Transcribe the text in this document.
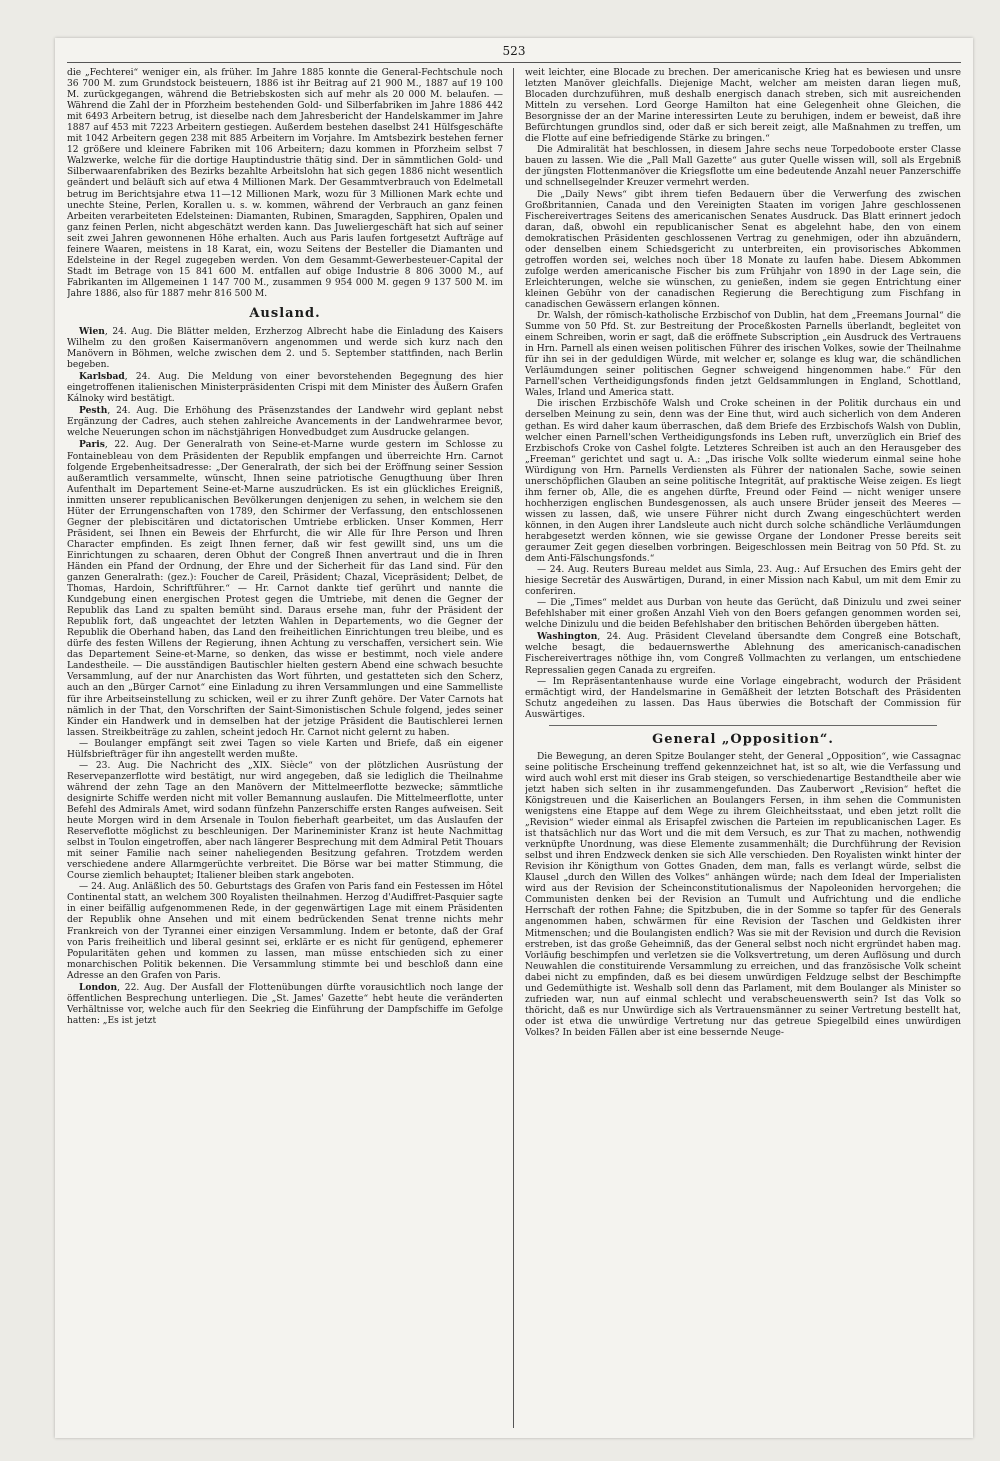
523

die „Fechterei“ weniger ein, als früher. Im Jahre 1885 konnte die General-Fechtschule noch 36 700 M. zum Grundstock beisteuern, 1886 ist ihr Beitrag auf 21 900 M., 1887 auf 19 100 M. zurückgegangen, während die Betriebskosten sich auf mehr als 20 000 M. belaufen. — Während die Zahl der in Pforzheim bestehenden Gold- und Silberfabriken im Jahre 1886 442 mit 6493 Arbeitern betrug, ist dieselbe nach dem Jahresbericht der Handelskammer im Jahre 1887 auf 453 mit 7223 Arbeitern gestiegen. Außerdem bestehen daselbst 241 Hülfsgeschäfte mit 1042 Arbeitern gegen 238 mit 885 Arbeitern im Vorjahre. Im Amtsbezirk bestehen ferner 12 größere und kleinere Fabriken mit 106 Arbeitern; dazu kommen in Pforzheim selbst 7 Walzwerke, welche für die dortige Hauptindustrie thätig sind. Der in sämmtlichen Gold- und Silberwaarenfabriken des Bezirks bezahlte Arbeitslohn hat sich gegen 1886 nicht wesentlich geändert und beläuft sich auf etwa 4 Millionen Mark. Der Gesammtverbrauch von Edelmetall betrug im Berichtsjahre etwa 11—12 Millionen Mark, wozu für 3 Millionen Mark echte und unechte Steine, Perlen, Korallen u. s. w. kommen, während der Verbrauch an ganz feinen Arbeiten verarbeiteten Edelsteinen: Diamanten, Rubinen, Smaragden, Sapphiren, Opalen und ganz feinen Perlen, nicht abgeschätzt werden kann. Das Juweliergeschäft hat sich auf seiner seit zwei Jahren gewonnenen Höhe erhalten. Auch aus Paris laufen fortgesetzt Aufträge auf feinere Waaren, meistens in 18 Karat, ein, wozu Seitens der Besteller die Diamanten und Edelsteine in der Regel zugegeben werden. Von dem Gesammt-Gewerbesteuer-Capital der Stadt im Betrage von 15 841 600 M. entfallen auf obige Industrie 8 806 3000 M., auf Fabrikanten im Allgemeinen 1 147 700 M., zusammen 9 954 000 M. gegen 9 137 500 M. im Jahre 1886, also für 1887 mehr 816 500 M.

Ausland.

Wien, 24. Aug. Die Blätter melden, Erzherzog Albrecht habe die Einladung des Kaisers Wilhelm zu den großen Kaisermanövern angenommen und werde sich kurz nach den Manövern in Böhmen, welche zwischen dem 2. und 5. September stattfinden, nach Berlin begeben.

Karlsbad, 24. Aug. Die Meldung von einer bevorstehenden Begegnung des hier eingetroffenen italienischen Ministerpräsidenten Crispi mit dem Minister des Äußern Grafen Kálnoky wird bestätigt.

Pesth, 24. Aug. Die Erhöhung des Präsenzstandes der Landwehr wird geplant nebst Ergänzung der Cadres, auch stehen zahlreiche Avancements in der Landwehrarmee bevor, welche Neuerungen schon im nächstjährigen Honvedbudget zum Ausdrucke gelangen.

Paris, 22. Aug. Der Generalrath von Seine-et-Marne wurde gestern im Schlosse zu Fontainebleau von dem Präsidenten der Republik empfangen und überreichte Hrn. Carnot folgende Ergebenheitsadresse: „Der Generalrath, der sich bei der Eröffnung seiner Session außeramtlich versammelte, wünscht, Ihnen seine patriotische Genugthuung über Ihren Aufenthalt im Departement Seine-et-Marne auszudrücken. Es ist ein glückliches Ereigniß, inmitten unserer republicanischen Bevölkerungen denjenigen zu sehen, in welchem sie den Hüter der Errungenschaften von 1789, den Schirmer der Verfassung, den entschlossenen Gegner der plebiscitären und dictatorischen Umtriebe erblicken. Unser Kommen, Herr Präsident, sei Ihnen ein Beweis der Ehrfurcht, die wir Alle für Ihre Person und Ihren Character empfinden. Es zeigt Ihnen ferner, daß wir fest gewillt sind, uns um die Einrichtungen zu schaaren, deren Obhut der Congreß Ihnen anvertraut und die in Ihren Händen ein Pfand der Ordnung, der Ehre und der Sicherheit für das Land sind. Für den ganzen Generalrath: (gez.): Foucher de Careil, Präsident; Chazal, Vicepräsident; Delbet, de Thomas, Hardoin, Schriftführer.“ — Hr. Carnot dankte tief gerührt und nannte die Kundgebung einen energischen Protest gegen die Umtriebe, mit denen die Gegner der Republik das Land zu spalten bemüht sind. Daraus ersehe man, fuhr der Präsident der Republik fort, daß ungeachtet der letzten Wahlen in Departements, wo die Gegner der Republik die Oberhand haben, das Land den freiheitlichen Einrichtungen treu bleibe, und es dürfe des festen Willens der Regierung, ihnen Achtung zu verschaffen, versichert sein. Wie das Departement Seine-et-Marne, so denken, das wisse er bestimmt, noch viele andere Landestheile. — Die ausständigen Bautischler hielten gestern Abend eine schwach besuchte Versammlung, auf der nur Anarchisten das Wort führten, und gestatteten sich den Scherz, auch an den „Bürger Carnot“ eine Einladung zu ihren Versammlungen und eine Sammelliste für ihre Arbeitseinstellung zu schicken, weil er zu ihrer Zunft gehöre. Der Vater Carnots hat nämlich in der That, den Vorschriften der Saint-Simonistischen Schule folgend, jedes seiner Kinder ein Handwerk und in demselben hat der jetzige Präsident die Bautischlerei lernen lassen. Streikbeiträge zu zahlen, scheint jedoch Hr. Carnot nicht gelernt zu haben.

— Boulanger empfängt seit zwei Tagen so viele Karten und Briefe, daß ein eigener Hülfsbriefträger für ihn angestellt werden mußte.

— 23. Aug. Die Nachricht des „XIX. Siècle“ von der plötzlichen Ausrüstung der Reservepanzerflotte wird bestätigt, nur wird angegeben, daß sie lediglich die Theilnahme während der zehn Tage an den Manövern der Mittelmeerflotte bezwecke; sämmtliche designirte Schiffe werden nicht mit voller Bemannung auslaufen. Die Mittelmeerflotte, unter Befehl des Admirals Amet, wird sodann fünfzehn Panzerschiffe ersten Ranges aufweisen. Seit heute Morgen wird in dem Arsenale in Toulon fieberhaft gearbeitet, um das Auslaufen der Reserveflotte möglichst zu beschleunigen. Der Marineminister Kranz ist heute Nachmittag selbst in Toulon eingetroffen, aber nach längerer Besprechung mit dem Admiral Petit Thouars mit seiner Familie nach seiner naheliegenden Besitzung gefahren. Trotzdem werden verschiedene andere Allarmgerüchte verbreitet. Die Börse war bei matter Stimmung, die Course ziemlich behauptet; Italiener bleiben stark angeboten.

— 24. Aug. Anläßlich des 50. Geburtstags des Grafen von Paris fand ein Festessen im Hôtel Continental statt, an welchem 300 Royalisten theilnahmen. Herzog d'Audiffret-Pasquier sagte in einer beifällig aufgenommenen Rede, in der gegenwärtigen Lage mit einem Präsidenten der Republik ohne Ansehen und mit einem bedrückenden Senat trenne nichts mehr Frankreich von der Tyrannei einer einzigen Versammlung. Indem er betonte, daß der Graf von Paris freiheitlich und liberal gesinnt sei, erklärte er es nicht für genügend, ephemerer Popularitäten gehen und kommen zu lassen, man müsse entschieden sich zu einer monarchischen Politik bekennen. Die Versammlung stimmte bei und beschloß dann eine Adresse an den Grafen von Paris.

London, 22. Aug. Der Ausfall der Flottenübungen dürfte vorausichtlich noch lange der öffentlichen Besprechung unterliegen. Die „St. James' Gazette“ hebt heute die veränderten Verhältnisse vor, welche auch für den Seekrieg die Einführung der Dampfschiffe im Gefolge hatten: „Es ist jetzt

weit leichter, eine Blocade zu brechen. Der americanische Krieg hat es bewiesen und unsre letzten Manöver gleichfalls. Diejenige Macht, welcher am meisten daran liegen muß, Blocaden durchzuführen, muß deshalb energisch danach streben, sich mit ausreichenden Mitteln zu versehen. Lord George Hamilton hat eine Gelegenheit ohne Gleichen, die Besorgnisse der an der Marine interessirten Leute zu beruhigen, indem er beweist, daß ihre Befürchtungen grundlos sind, oder daß er sich bereit zeigt, alle Maßnahmen zu treffen, um die Flotte auf eine befriedigende Stärke zu bringen.“

Die Admiralität hat beschlossen, in diesem Jahre sechs neue Torpedoboote erster Classe bauen zu lassen. Wie die „Pall Mall Gazette“ aus guter Quelle wissen will, soll als Ergebniß der jüngsten Flottenmanöver die Kriegsflotte um eine bedeutende Anzahl neuer Panzerschiffe und schnellsegelnder Kreuzer vermehrt werden.

Die „Daily News“ gibt ihrem tiefen Bedauern über die Verwerfung des zwischen Großbritannien, Canada und den Vereinigten Staaten im vorigen Jahre geschlossenen Fischereivertrages Seitens des americanischen Senates Ausdruck. Das Blatt erinnert jedoch daran, daß, obwohl ein republicanischer Senat es abgelehnt habe, den von einem demokratischen Präsidenten geschlossenen Vertrag zu genehmigen, oder ihn abzuändern, oder denselben einem Schiedsgericht zu unterbreiten, ein provisorisches Abkommen getroffen worden sei, welches noch über 18 Monate zu laufen habe. Diesem Abkommen zufolge werden americanische Fischer bis zum Frühjahr von 1890 in der Lage sein, die Erleichterungen, welche sie wünschen, zu genießen, indem sie gegen Entrichtung einer kleinen Gebühr von der canadischen Regierung die Berechtigung zum Fischfang in canadischen Gewässern erlangen können.

Dr. Walsh, der römisch-katholische Erzbischof von Dublin, hat dem „Freemans Journal“ die Summe von 50 Pfd. St. zur Bestreitung der Proceßkosten Parnells überlandt, begleitet von einem Schreiben, worin er sagt, daß die eröffnete Subscription „ein Ausdruck des Vertrauens in Hrn. Parnell als einen weisen politischen Führer des irischen Volkes, sowie der Theilnahme für ihn sei in der geduldigen Würde, mit welcher er, solange es klug war, die schändlichen Verläumdungen seiner politischen Gegner schweigend hingenommen habe.“ Für den Parnell'schen Vertheidigungsfonds finden jetzt Geldsammlungen in England, Schottland, Wales, Irland und America statt.

Die irischen Erzbischöfe Walsh und Croke scheinen in der Politik durchaus ein und derselben Meinung zu sein, denn was der Eine thut, wird auch sicherlich von dem Anderen gethan. Es wird daher kaum überraschen, daß dem Briefe des Erzbischofs Walsh von Dublin, welcher einen Parnell'schen Vertheidigungsfonds ins Leben ruft, unverzüglich ein Brief des Erzbischofs Croke von Cashel folgte. Letzteres Schreiben ist auch an den Herausgeber des „Freeman“ gerichtet und sagt u. A.: „Das irische Volk sollte wiederum einmal seine hohe Würdigung von Hrn. Parnells Verdiensten als Führer der nationalen Sache, sowie seinen unerschöpflichen Glauben an seine politische Integrität, auf praktische Weise zeigen. Es liegt ihm ferner ob, Alle, die es angehen dürfte, Freund oder Feind — nicht weniger unsere hochherzigen englischen Bundesgenossen, als auch unsere Brüder jenseit des Meeres — wissen zu lassen, daß, wie unsere Führer nicht durch Zwang eingeschüchtert werden können, in den Augen ihrer Landsleute auch nicht durch solche schändliche Verläumdungen herabgesetzt werden können, wie sie gewisse Organe der Londoner Presse bereits seit geraumer Zeit gegen dieselben vorbringen. Beigeschlossen mein Beitrag von 50 Pfd. St. zu dem Anti-Fälschungsfonds.“

— 24. Aug. Reuters Bureau meldet aus Simla, 23. Aug.: Auf Ersuchen des Emirs geht der hiesige Secretär des Auswärtigen, Durand, in einer Mission nach Kabul, um mit dem Emir zu conferiren.

— Die „Times“ meldet aus Durban von heute das Gerücht, daß Dinizulu und zwei seiner Befehlshaber mit einer großen Anzahl Vieh von den Boers gefangen genommen worden sei, welche Dinizulu und die beiden Befehlshaber den britischen Behörden übergeben hätten.

Washington, 24. Aug. Präsident Cleveland übersandte dem Congreß eine Botschaft, welche besagt, die bedauernswerthe Ablehnung des americanisch-canadischen Fischereivertrages nöthige ihn, vom Congreß Vollmachten zu verlangen, um entschiedene Repressalien gegen Canada zu ergreifen.

— Im Repräsentantenhause wurde eine Vorlage eingebracht, wodurch der Präsident ermächtigt wird, der Handelsmarine in Gemäßheit der letzten Botschaft des Präsidenten Schutz angedeihen zu lassen. Das Haus überwies die Botschaft der Commission für Auswärtiges.

General „Opposition“.

Die Bewegung, an deren Spitze Boulanger steht, der General „Opposition“, wie Cassagnac seine politische Erscheinung treffend gekennzeichnet hat, ist so alt, wie die Verfassung und wird auch wohl erst mit dieser ins Grab steigen, so verschiedenartige Bestandtheile aber wie jetzt haben sich selten in ihr zusammengefunden. Das Zauberwort „Revision“ heftet die Königstreuen und die Kaiserlichen an Boulangers Fersen, in ihm sehen die Communisten wenigstens eine Etappe auf dem Wege zu ihrem Gleichheitsstaat, und eben jetzt rollt die „Revision“ wieder einmal als Erisapfel zwischen die Parteien im republicanischen Lager. Es ist thatsächlich nur das Wort und die mit dem Versuch, es zur That zu machen, nothwendig verknüpfte Unordnung, was diese Elemente zusammenhält; die Durchführung der Revision selbst und ihren Endzweck denken sie sich Alle verschieden. Den Royalisten winkt hinter der Revision ihr Königthum von Gottes Gnaden, dem man, falls es verlangt würde, selbst die Klausel „durch den Willen des Volkes“ anhängen würde; nach dem Ideal der Imperialisten wird aus der Revision der Scheinconstitutionalismus der Napoleoniden hervorgehen; die Communisten denken bei der Revision an Tumult und Aufrichtung und die endliche Herrschaft der rothen Fahne; die Spitzbuben, die in der Somme so tapfer für des Generals angenommen haben, schwärmen für eine Revision der Taschen und Geldkisten ihrer Mitmenschen; und die Boulangisten endlich? Was sie mit der Revision und durch die Revision erstreben, ist das große Geheimniß, das der General selbst noch nicht ergründet haben mag. Vorläufig beschimpfen und verletzen sie die Volksvertretung, um deren Auflösung und durch Neuwahlen die constituirende Versammlung zu erreichen, und das französische Volk scheint dabei nicht zu empfinden, daß es bei diesem unwürdigen Feldzuge selbst der Beschimpfte und Gedemüthigte ist. Weshalb soll denn das Parlament, mit dem Boulanger als Minister so zufrieden war, nun auf einmal schlecht und verabscheuenswerth sein? Ist das Volk so thöricht, daß es nur Unwürdige sich als Vertrauensmänner zu seiner Vertretung bestellt hat, oder ist etwa die unwürdige Vertretung nur das getreue Spiegelbild eines unwürdigen Volkes? In beiden Fällen aber ist eine bessernde Neuge-
